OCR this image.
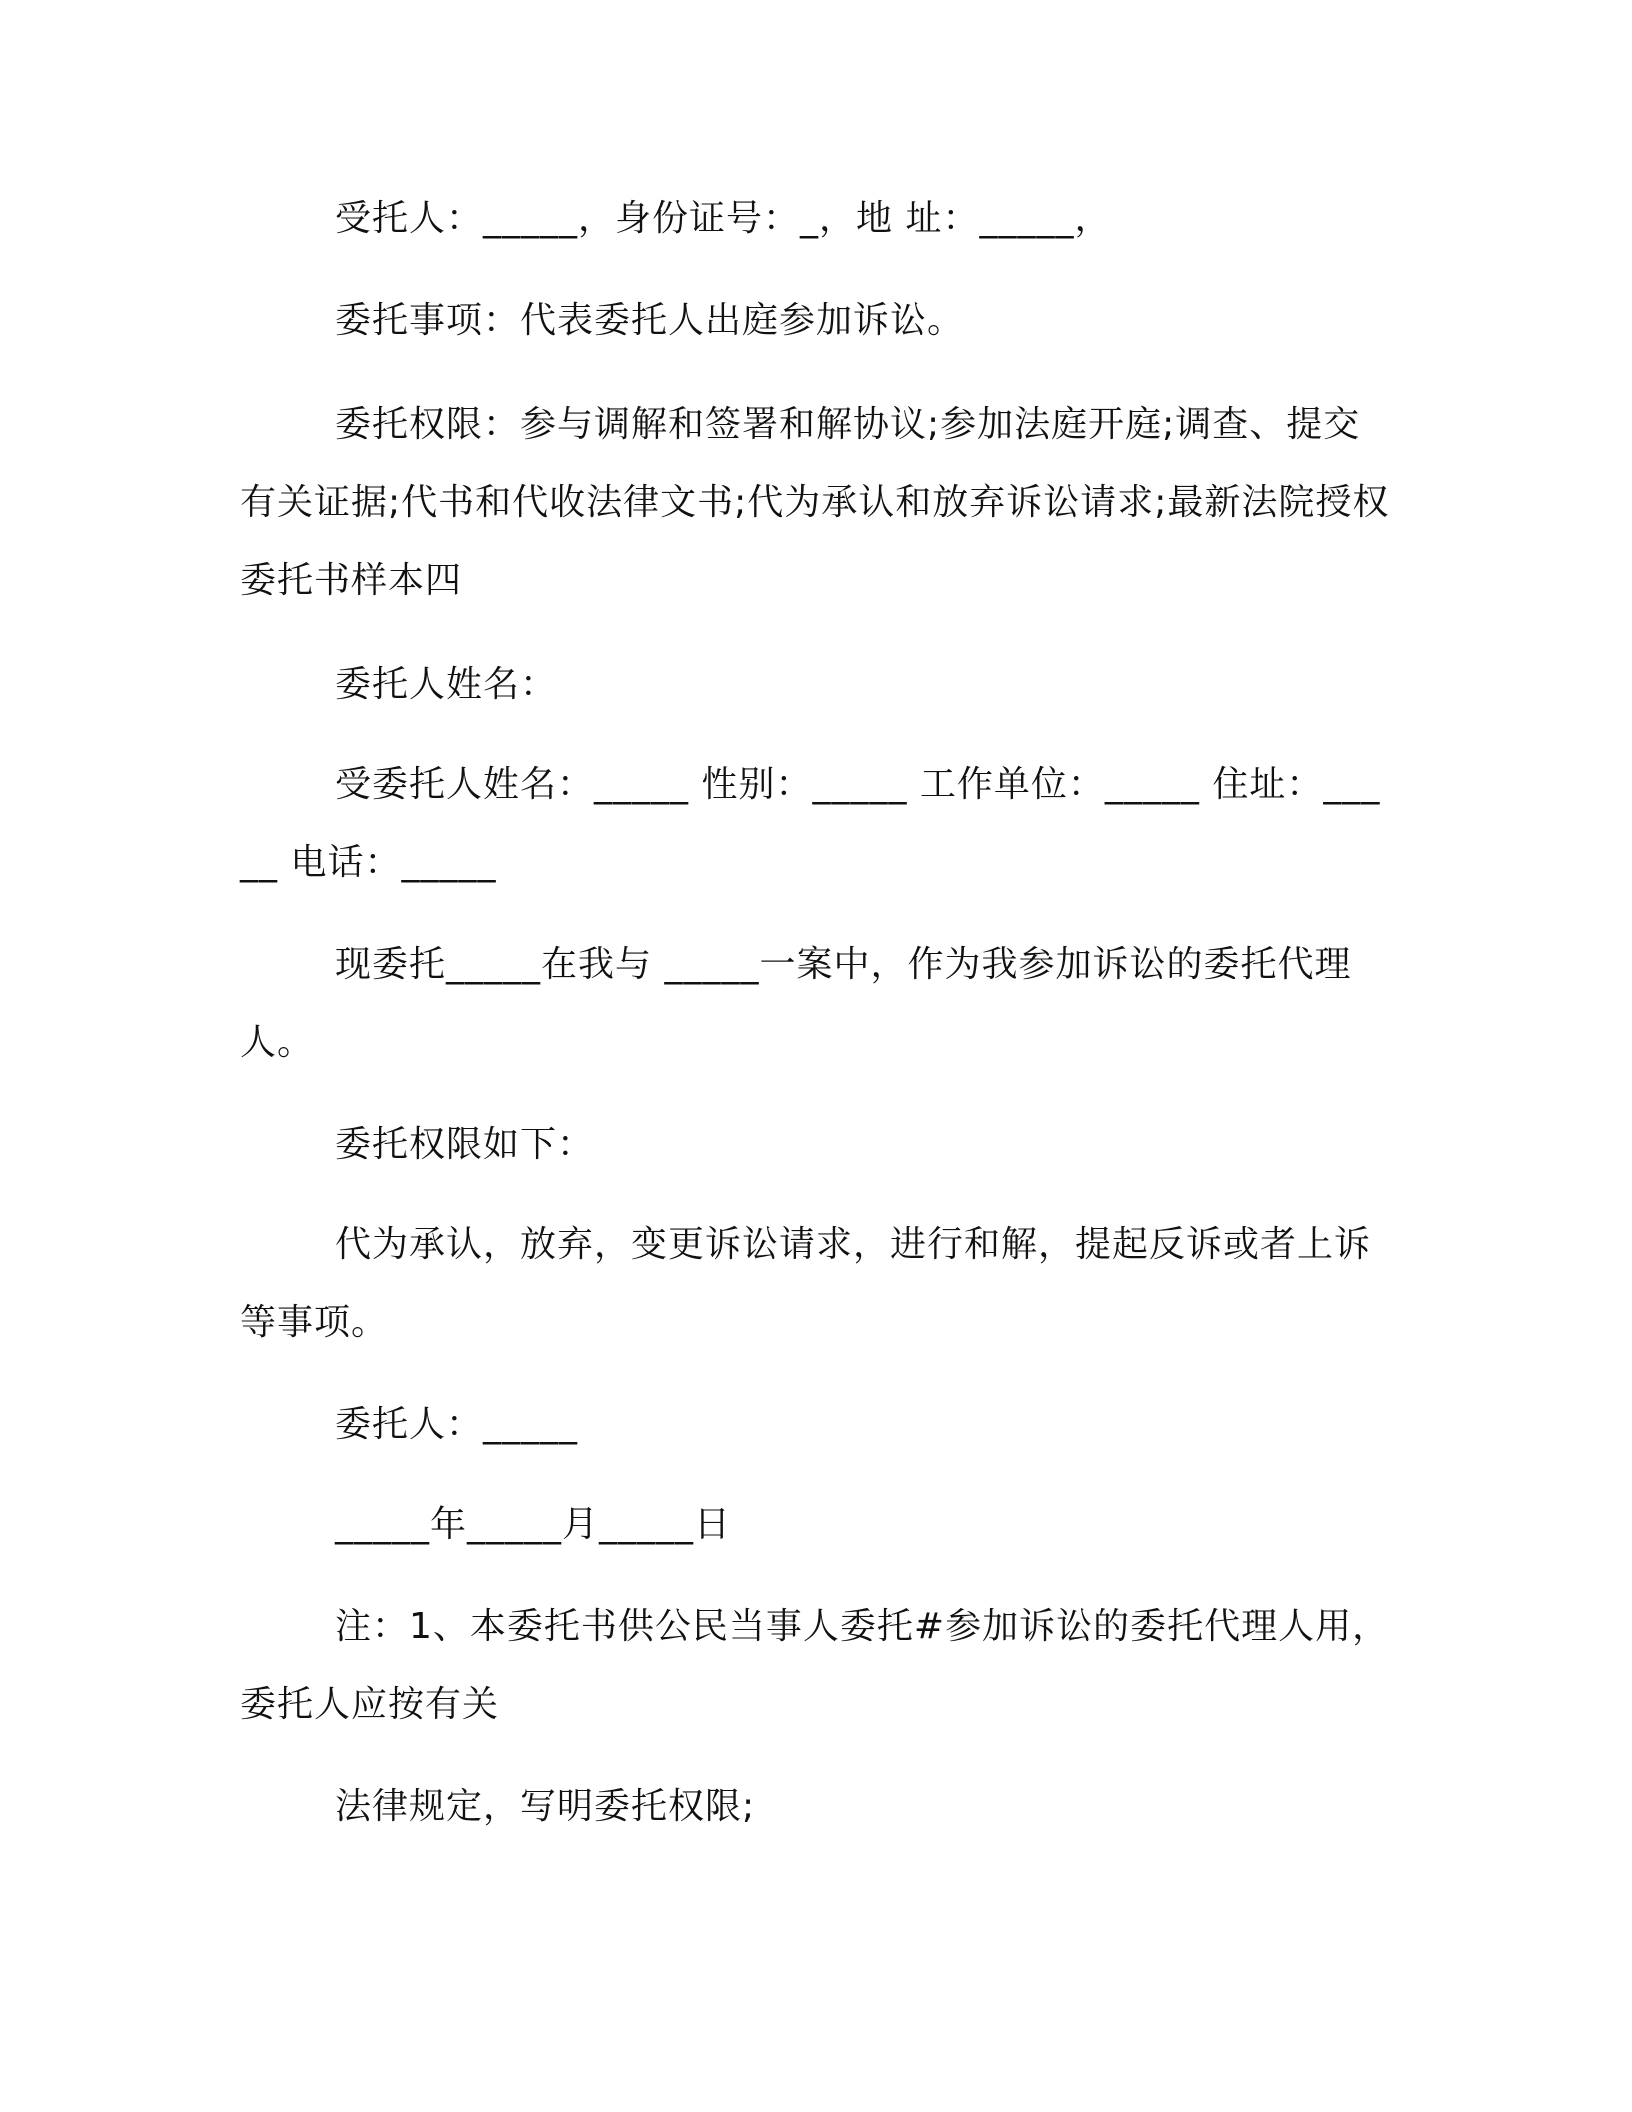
受托人：_____，身份证号：_，地 址：_____，
委托事项：代表委托人出庭参加诉讼。
委托权限：参与调解和签署和解协议;参加法庭开庭;调查、提交有关证据;代书和代收法律文书;代为承认和放弃诉讼请求;最新法院授权委托书样本四
委托人姓名：
受委托人姓名：_____ 性别：_____ 工作单位：_____ 住址：_____ 电话：_____
现委托_____在我与 _____一案中，作为我参加诉讼的委托代理人。
委托权限如下：
代为承认，放弃，变更诉讼请求，进行和解，提起反诉或者上诉等事项。
委托人：_____
_____年_____月_____日
注：1、本委托书供公民当事人委托#参加诉讼的委托代理人用，委托人应按有关
法律规定，写明委托权限;
